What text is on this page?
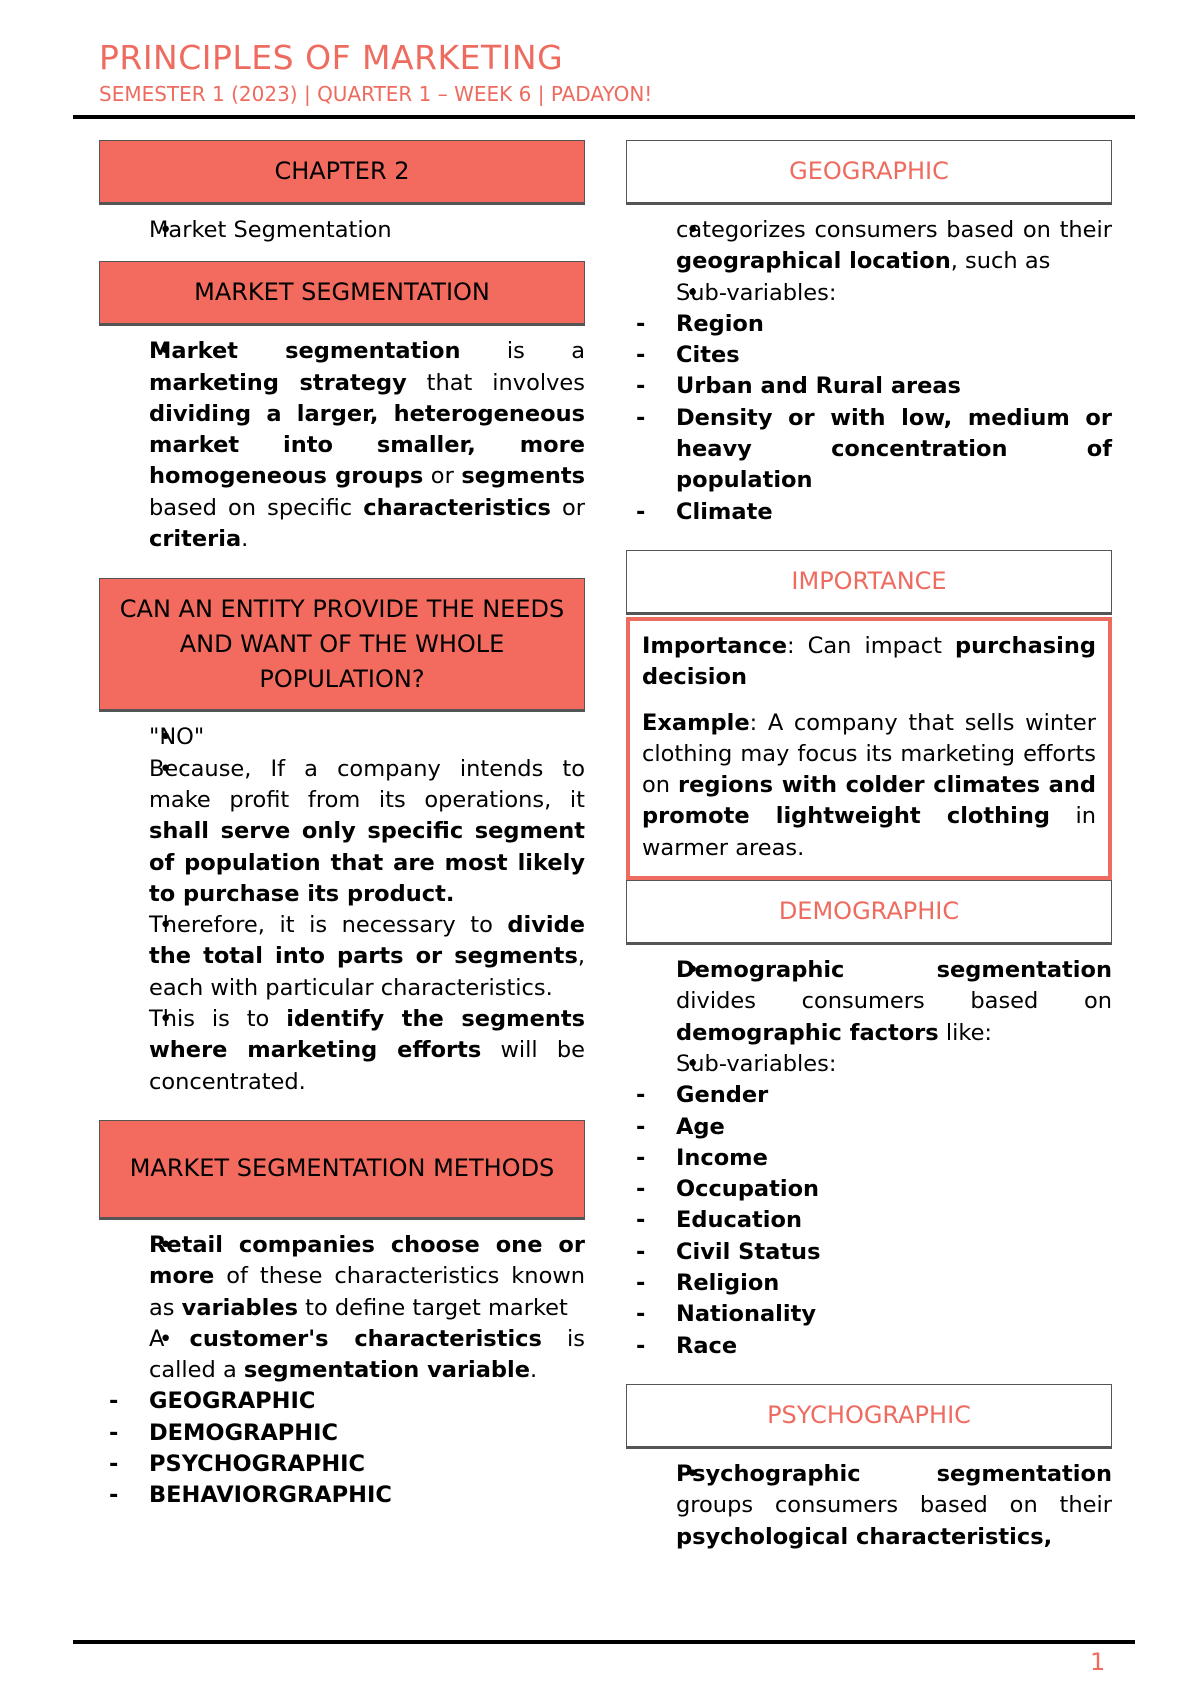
PRINCIPLES OF MARKETING
SEMESTER 1 (2023) | QUARTER 1 – WEEK 6 | PADAYON!
CHAPTER 2
• Market Segmentation
MARKET SEGMENTATION
• Market segmentation is a marketing strategy that involves dividing a larger, heterogeneous market into smaller, more homogeneous groups or segments based on specific characteristics or criteria.
CAN AN ENTITY PROVIDE THE NEEDS AND WANT OF THE WHOLE POPULATION?
• "NO"
• Because, If a company intends to make profit from its operations, it shall serve only specific segment of population that are most likely to purchase its product.
• Therefore, it is necessary to divide the total into parts or segments, each with particular characteristics.
• This is to identify the segments where marketing efforts will be concentrated.
MARKET SEGMENTATION METHODS
• Retail companies choose one or more of these characteristics known as variables to define target market
• A customer's characteristics is called a segmentation variable.
- GEOGRAPHIC
- DEMOGRAPHIC
- PSYCHOGRAPHIC
- BEHAVIORGRAPHIC
GEOGRAPHIC
• categorizes consumers based on their geographical location, such as
• Sub-variables:
- Region
- Cites
- Urban and Rural areas
- Density or with low, medium or heavy concentration of population
- Climate
IMPORTANCE

Importance: Can impact purchasing decision

Example: A company that sells winter clothing may focus its marketing efforts on regions with colder climates and promote lightweight clothing in warmer areas.

DEMOGRAPHIC
• Demographic segmentation divides consumers based on demographic factors like:
• Sub-variables:
- Gender
- Age
- Income
- Occupation
- Education
- Civil Status
- Religion
- Nationality
- Race
PSYCHOGRAPHIC
• Psychographic segmentation groups consumers based on their psychological characteristics,
1
